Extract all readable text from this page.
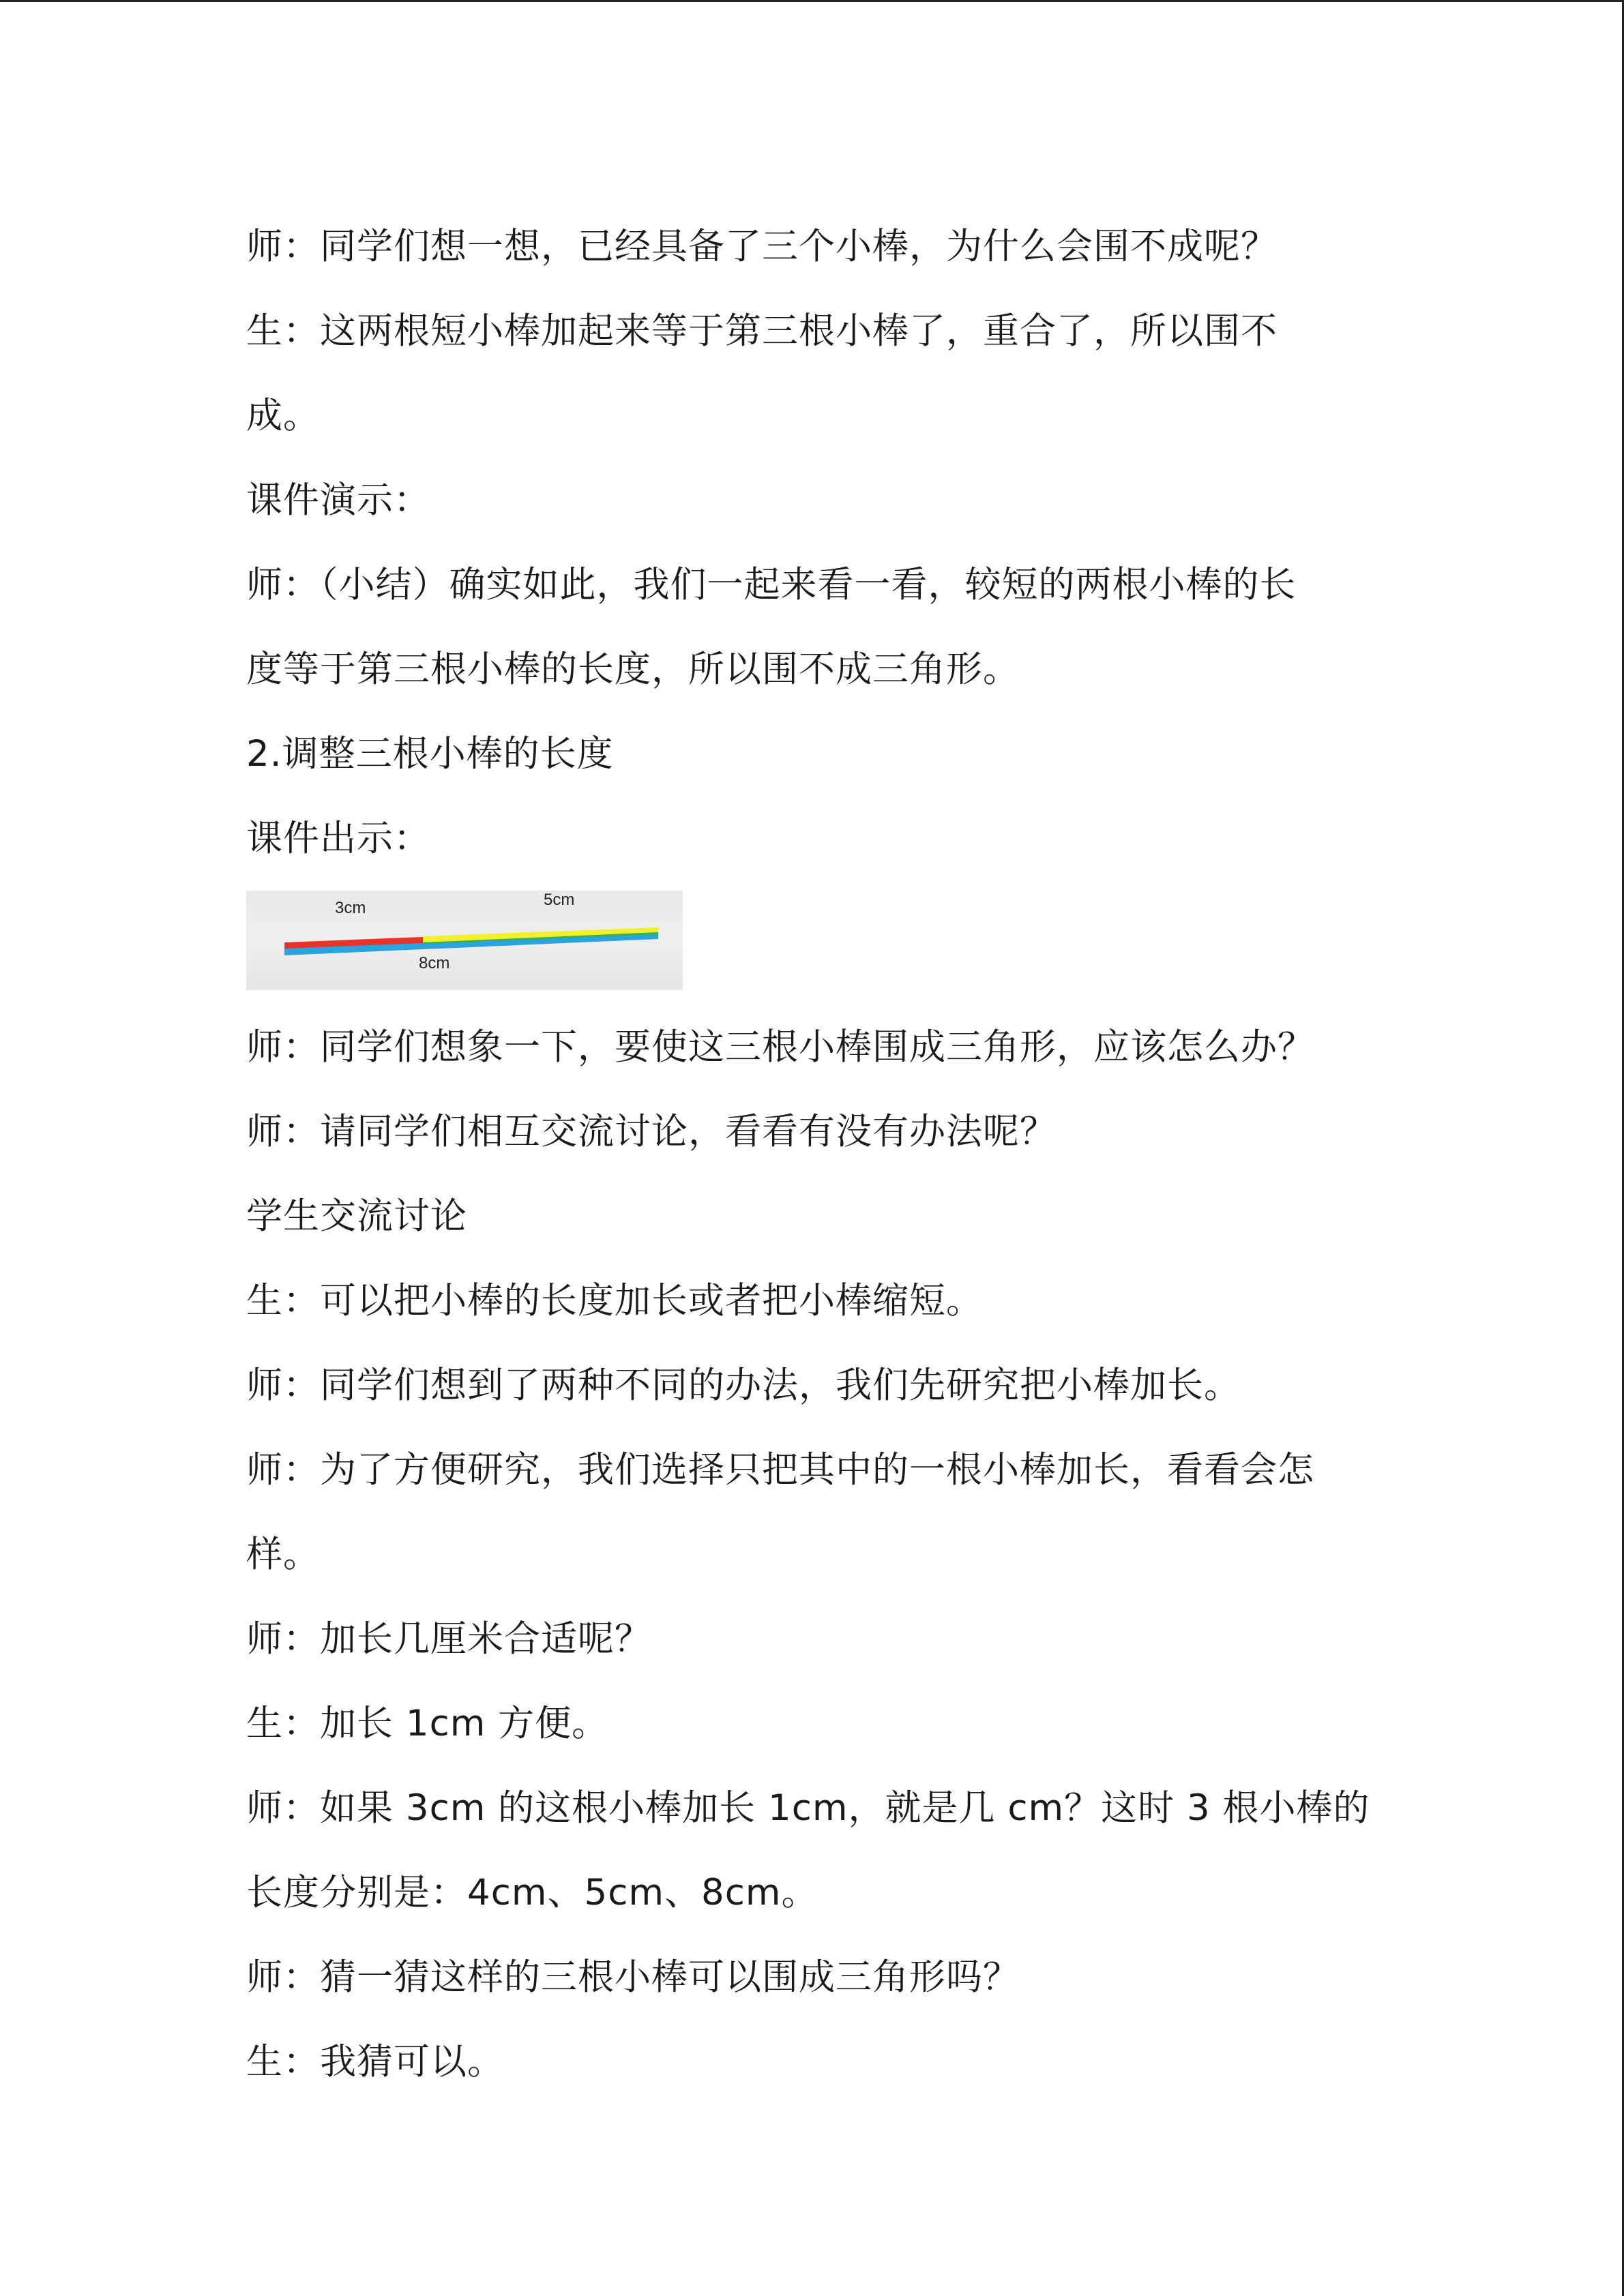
师：同学们想一想，已经具备了三个小棒，为什么会围不成呢？
生：这两根短小棒加起来等于第三根小棒了，重合了，所以围不
成。
课件演示：
师：（小结）确实如此，我们一起来看一看，较短的两根小棒的长
度等于第三根小棒的长度，所以围不成三角形。
2.调整三根小棒的长度
课件出示：
3cm	5cm
8cm
师：同学们想象一下，要使这三根小棒围成三角形，应该怎么办？
师：请同学们相互交流讨论，看看有没有办法呢？
学生交流讨论
生：可以把小棒的长度加长或者把小棒缩短。
师：同学们想到了两种不同的办法，我们先研究把小棒加长。
师：为了方便研究，我们选择只把其中的一根小棒加长，看看会怎
样。
师：加长几厘米合适呢？
生：加长 1cm 方便。
师：如果 3cm 的这根小棒加长 1cm，就是几 cm？这时 3 根小棒的
长度分别是：4cm、5cm、8cm。
师：猜一猜这样的三根小棒可以围成三角形吗？
生：我猜可以。
